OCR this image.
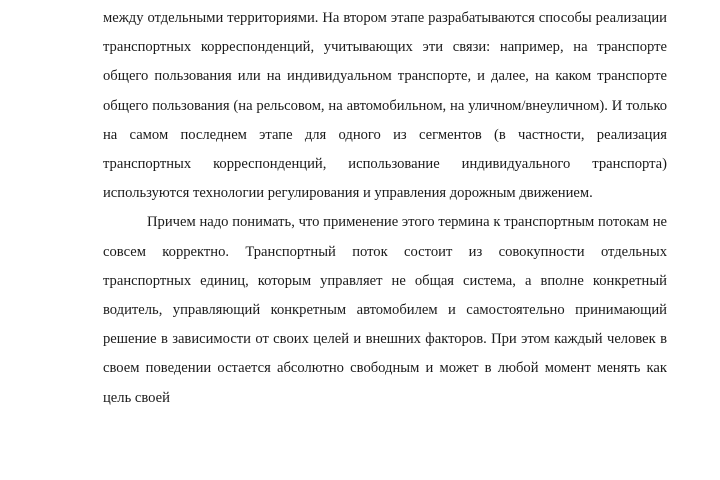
между отдельными территориями. На втором этапе разрабатываются способы реализации транспортных корреспонденций, учитывающих эти связи: например, на транспорте общего пользования или на индивидуальном транспорте, и далее, на каком транспорте общего пользования (на рельсовом, на автомобильном, на уличном/внеуличном). И только на самом последнем этапе для одного из сегментов (в частности, реализация транспортных корреспонденций, использование индивидуального транспорта) используются технологии регулирования и управления дорожным движением.

Причем надо понимать, что применение этого термина к транспортным потокам не совсем корректно. Транспортный поток состоит из совокупности отдельных транспортных единиц, которым управляет не общая система, а вполне конкретный водитель, управляющий конкретным автомобилем и самостоятельно принимающий решение в зависимости от своих целей и внешних факторов. При этом каждый человек в своем поведении остается абсолютно свободным и может в любой момент менять как цель своей
